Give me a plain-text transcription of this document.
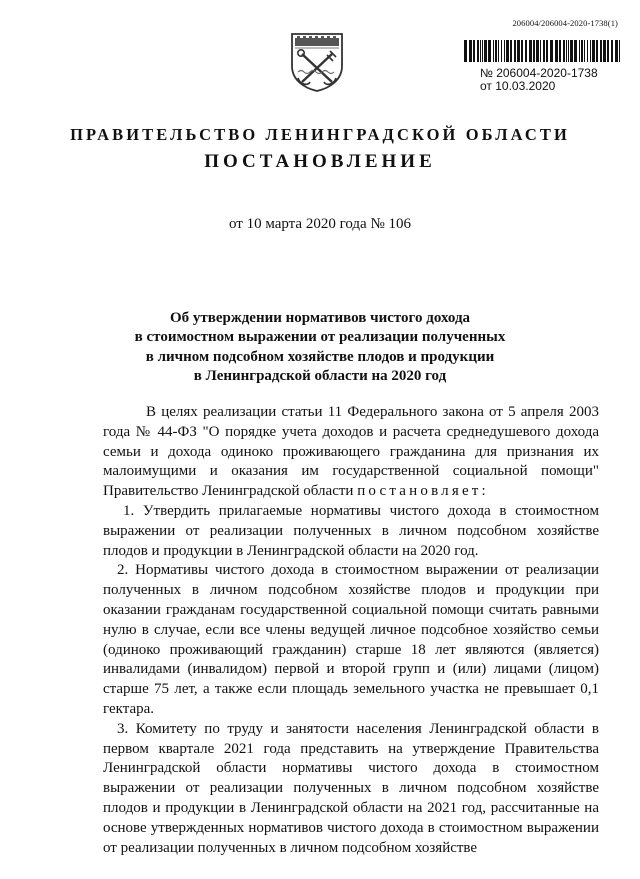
206004/206004-2020-1738(1)
№ 206004-2020-1738
от 10.03.2020
ПРАВИТЕЛЬСТВО ЛЕНИНГРАДСКОЙ ОБЛАСТИ
ПОСТАНОВЛЕНИЕ
от 10 марта 2020 года № 106
Об утверждении нормативов чистого дохода
в стоимостном выражении от реализации полученных
в личном подсобном хозяйстве плодов и продукции
в Ленинградской области на 2020 год

В целях реализации статьи 11 Федерального закона от 5 апреля 2003 года № 44-ФЗ "О порядке учета доходов и расчета среднедушевого дохода семьи и дохода одиноко проживающего гражданина для признания их малоимущими и оказания им государственной социальной помощи" Правительство Ленинградской области постановляет:

1. Утвердить прилагаемые нормативы чистого дохода в стоимостном выражении от реализации полученных в личном подсобном хозяйстве плодов и продукции в Ленинградской области на 2020 год.

2. Нормативы чистого дохода в стоимостном выражении от реализации полученных в личном подсобном хозяйстве плодов и продукции при оказании гражданам государственной социальной помощи считать равными нулю в случае, если все члены ведущей личное подсобное хозяйство семьи (одиноко проживающий гражданин) старше 18 лет являются (является) инвалидами (инвалидом) первой и второй групп и (или) лицами (лицом) старше 75 лет, а также если площадь земельного участка не превышает 0,1 гектара.

3. Комитету по труду и занятости населения Ленинградской области в первом квартале 2021 года представить на утверждение Правительства Ленинградской области нормативы чистого дохода в стоимостном выражении от реализации полученных в личном подсобном хозяйстве плодов и продукции в Ленинградской области на 2021 год, рассчитанные на основе утвержденных нормативов чистого дохода в стоимостном выражении от реализации полученных в личном подсобном хозяйстве
